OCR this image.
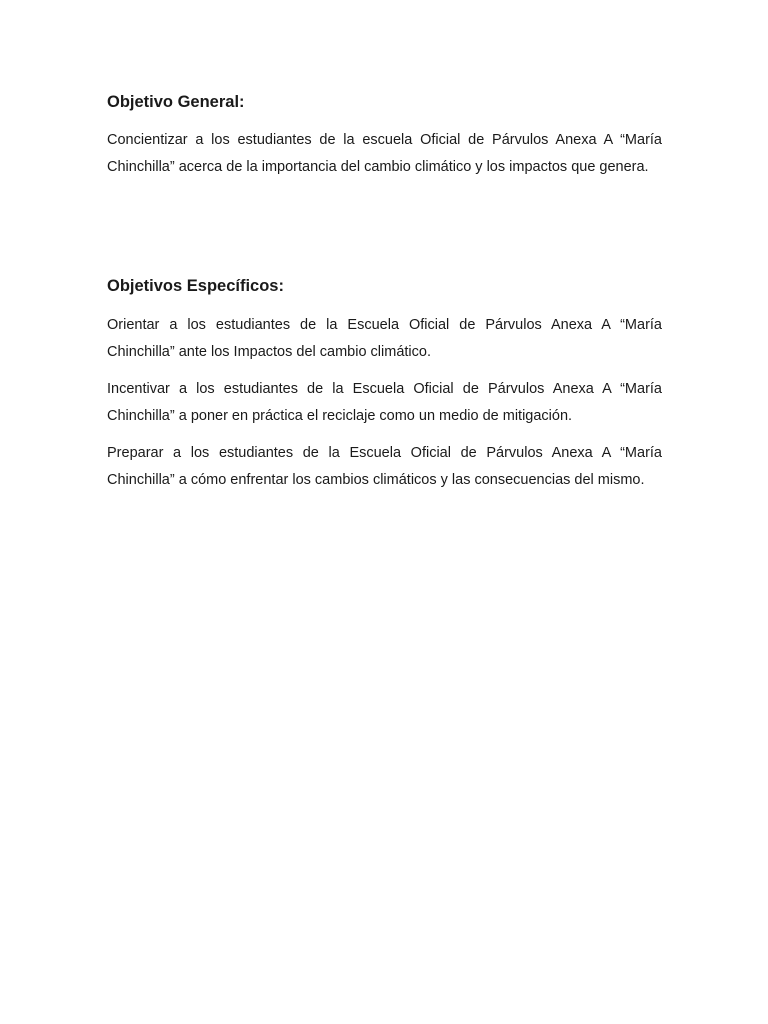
Objetivo General:

Concientizar a los estudiantes de la escuela Oficial de Párvulos Anexa A “María Chinchilla” acerca de la importancia del cambio climático y los impactos que genera.

Objetivos Específicos:

Orientar a los estudiantes de la Escuela Oficial de Párvulos Anexa A “María Chinchilla” ante los Impactos del cambio climático.

Incentivar a los estudiantes de la Escuela Oficial de Párvulos Anexa A “María Chinchilla” a poner en práctica el reciclaje como un medio de mitigación.

Preparar a los estudiantes de la Escuela Oficial de Párvulos Anexa A “María Chinchilla” a cómo enfrentar los cambios climáticos y las consecuencias del mismo.
